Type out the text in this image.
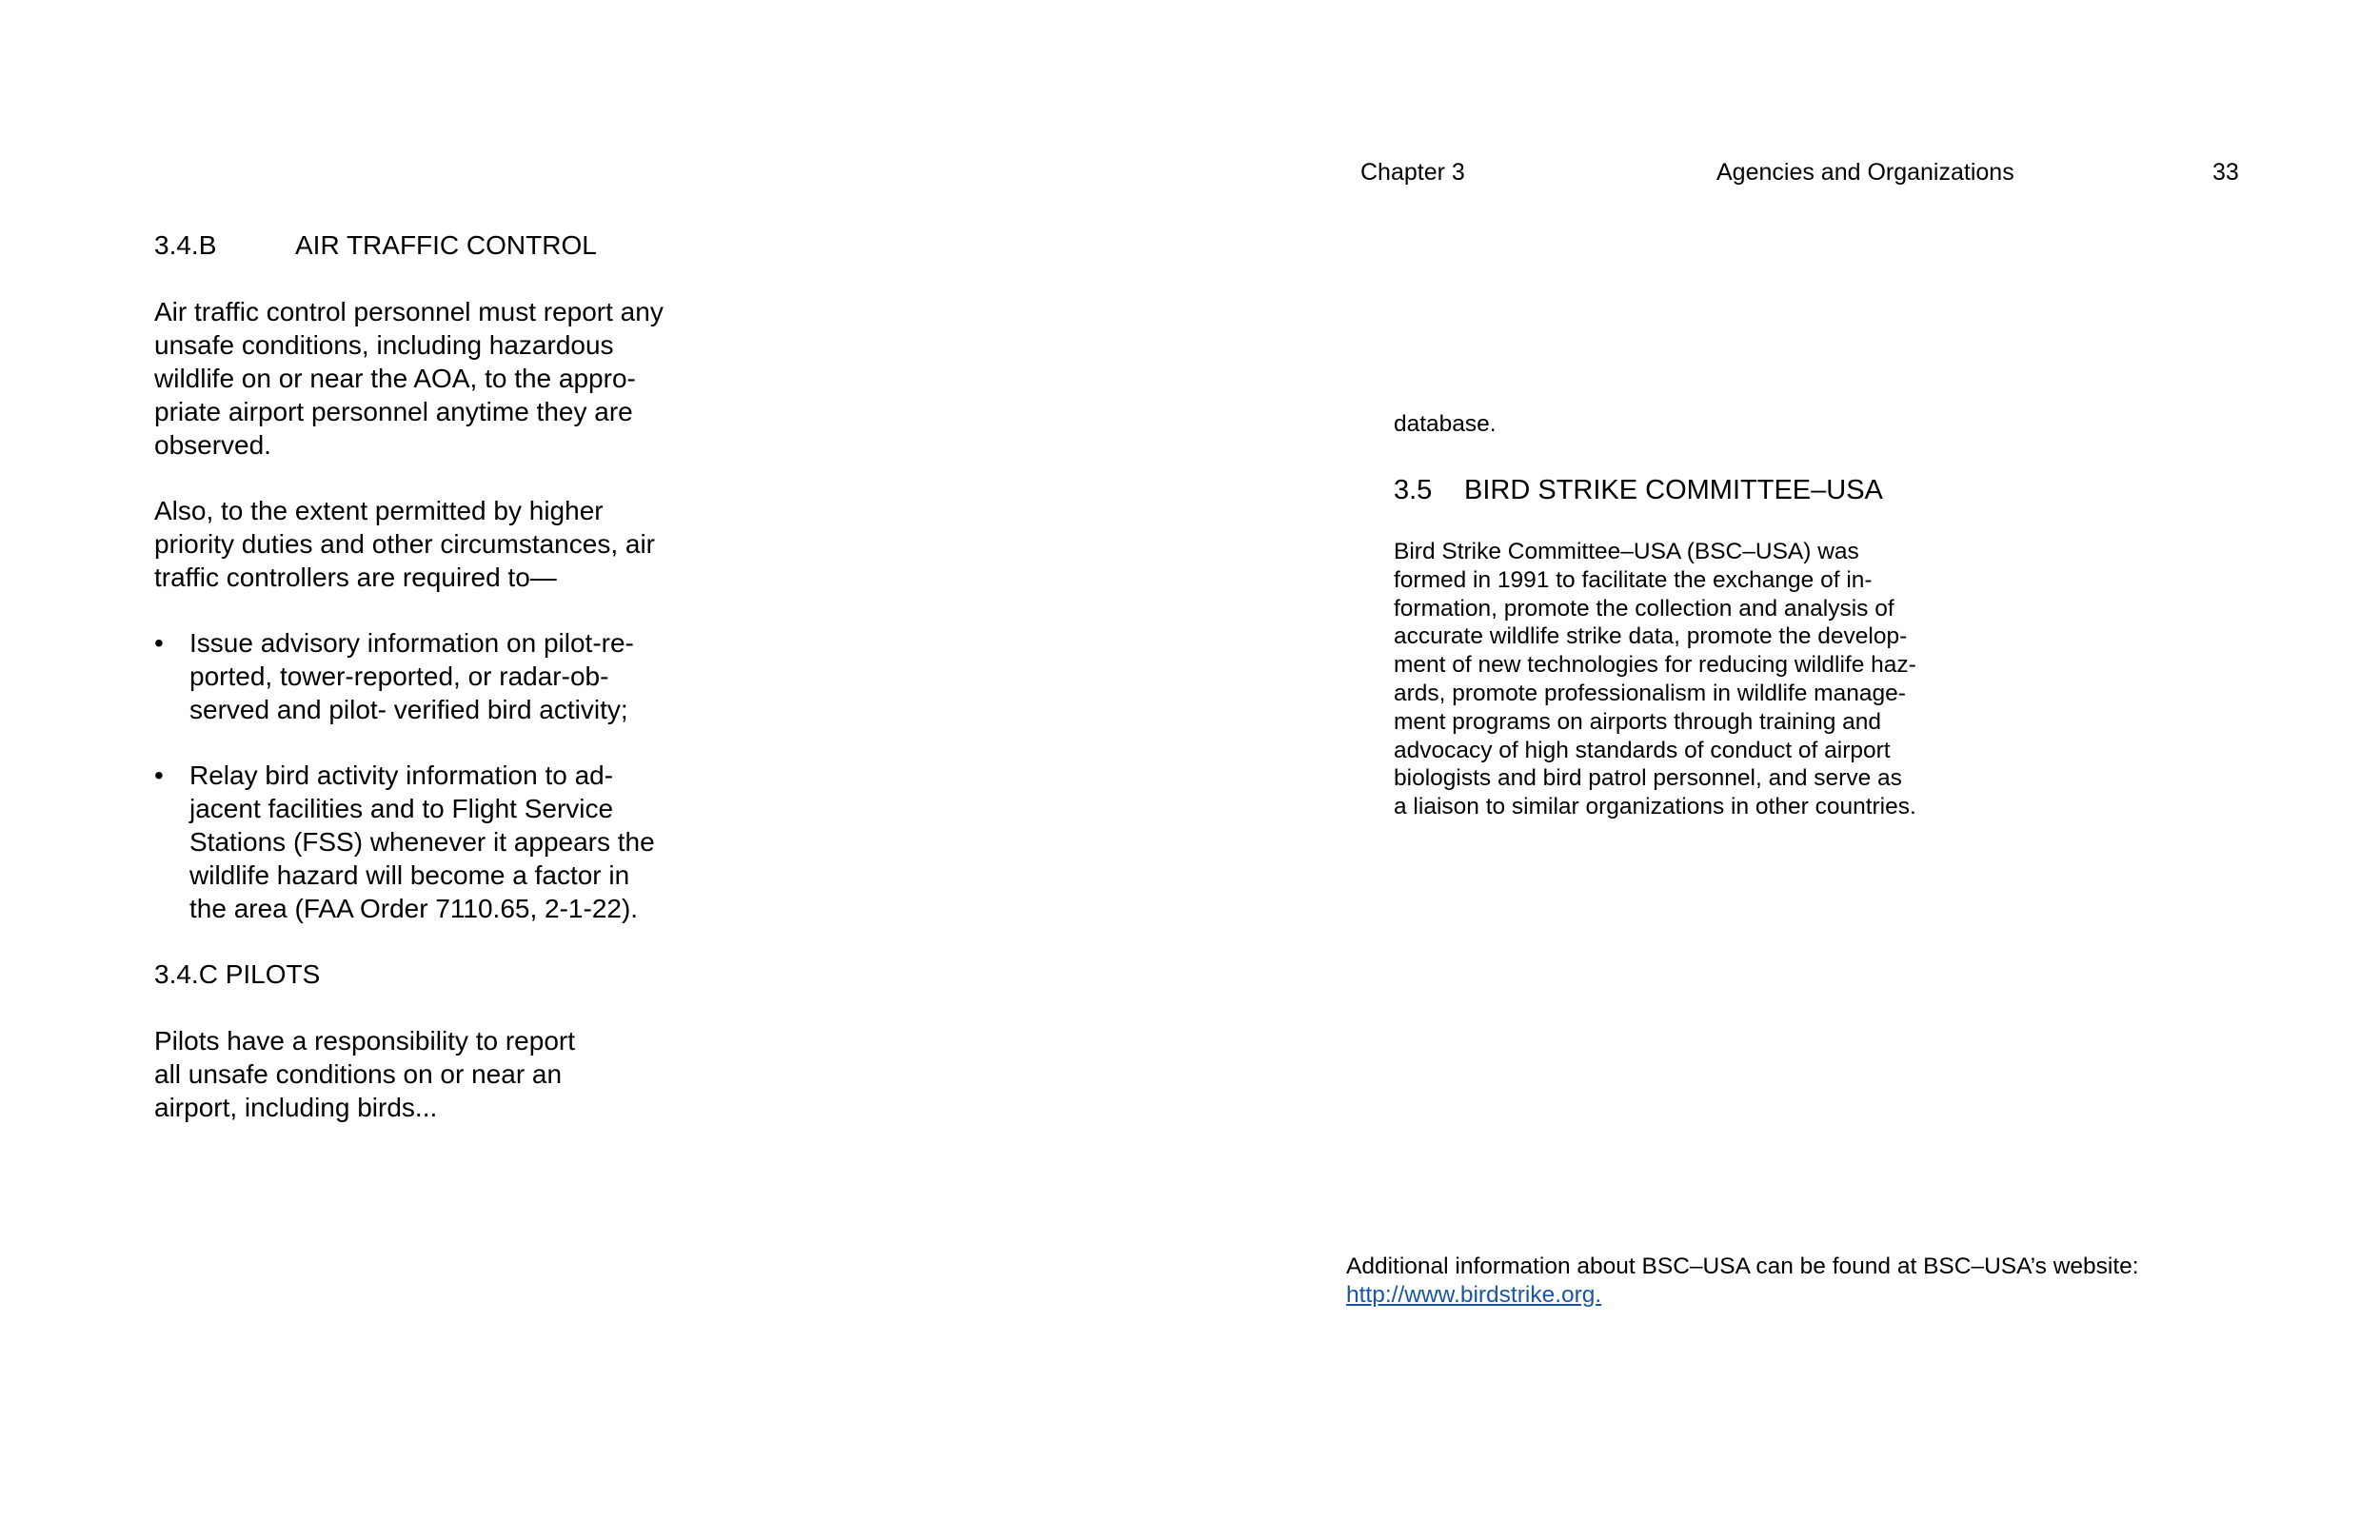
Chapter 3	Agencies and Organizations	33
3.4.B	AIR TRAFFIC CONTROL

Air traffic control personnel must report any

unsafe conditions, including hazardous

wildlife on or near the AOA, to the appro-

priate airport personnel anytime they are

observed.

Also, to the extent permitted by higher

priority duties and other circumstances, air

traffic controllers are required to—

• Issue advisory information on pilot-re-

ported, tower-reported, or radar-ob-

served and pilot- verified bird activity;

• Relay bird activity information to ad-

jacent facilities and to Flight Service

Stations (FSS) whenever it appears the

wildlife hazard will become a factor in

the area (FAA Order 7110.65, 2-1-22).

3.4.C PILOTS

Pilots have a responsibility to report

all unsafe conditions on or near an

airport, including birds...

database.

3.5 BIRD STRIKE COMMITTEE–USA

Bird Strike Committee–USA (BSC–USA) was

formed in 1991 to facilitate the exchange of in-

formation, promote the collection and analysis of

accurate wildlife strike data, promote the develop-

ment of new technologies for reducing wildlife haz-

ards, promote professionalism in wildlife manage-

ment programs on airports through training and

advocacy of high standards of conduct of airport

biologists and bird patrol personnel, and serve as

a liaison to similar organizations in other countries.

Additional information about BSC–USA can be found at BSC–USA’s website:

http://www.birdstrike.org.
